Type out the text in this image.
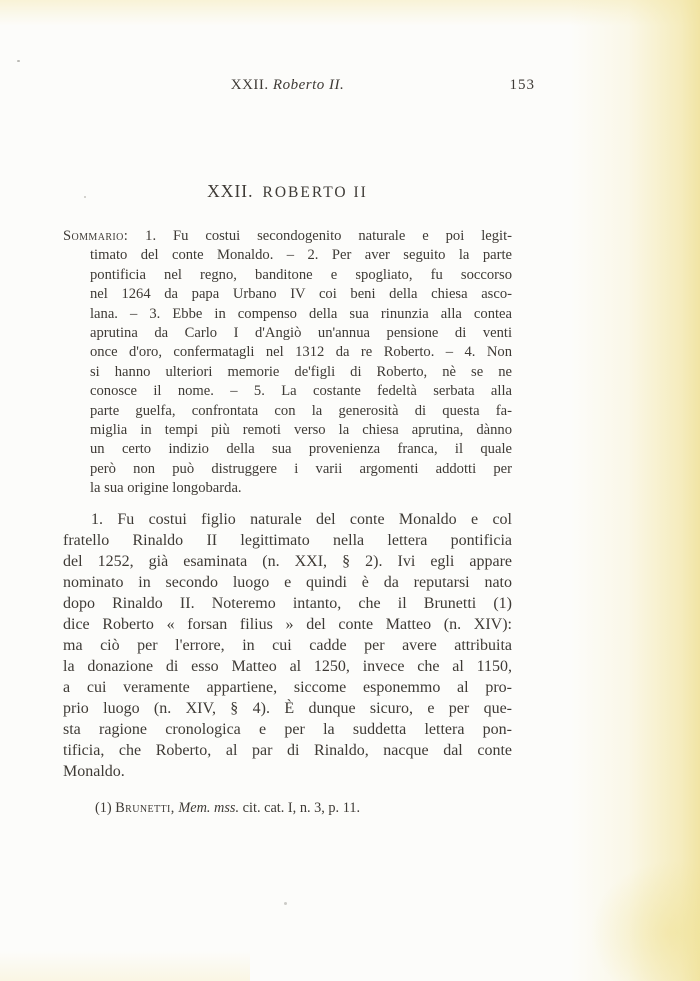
XXII. Roberto II.	153
XXII. ROBERTO II
Sommario: 1. Fu costui secondogenito naturale e poi legit-
timato del conte Monaldo. – 2. Per aver seguito la parte
pontificia nel regno, banditone e spogliato, fu soccorso
nel 1264 da papa Urbano IV coi beni della chiesa asco-
lana. – 3. Ebbe in compenso della sua rinunzia alla contea
aprutina da Carlo I d'Angiò un'annua pensione di venti
once d'oro, confermatagli nel 1312 da re Roberto. – 4. Non
si hanno ulteriori memorie de'figli di Roberto, nè se ne
conosce il nome. – 5. La costante fedeltà serbata alla
parte guelfa, confrontata con la generosità di questa fa-
miglia in tempi più remoti verso la chiesa aprutina, dànno
un certo indizio della sua provenienza franca, il quale
però non può distruggere i varii argomenti addotti per
la sua origine longobarda.
1. Fu costui figlio naturale del conte Monaldo e col
fratello Rinaldo II legittimato nella lettera pontificia
del 1252, già esaminata (n. XXI, § 2). Ivi egli appare
nominato in secondo luogo e quindi è da reputarsi nato
dopo Rinaldo II. Noteremo intanto, che il Brunetti (1)
dice Roberto « forsan filius » del conte Matteo (n. XIV):
ma ciò per l'errore, in cui cadde per avere attribuita
la donazione di esso Matteo al 1250, invece che al 1150,
a cui veramente appartiene, siccome esponemmo al pro-
prio luogo (n. XIV, § 4). È dunque sicuro, e per que-
sta ragione cronologica e per la suddetta lettera pon-
tificia, che Roberto, al par di Rinaldo, nacque dal conte
Monaldo.
(1) Brunetti, Mem. mss. cit. cat. I, n. 3, p. 11.
